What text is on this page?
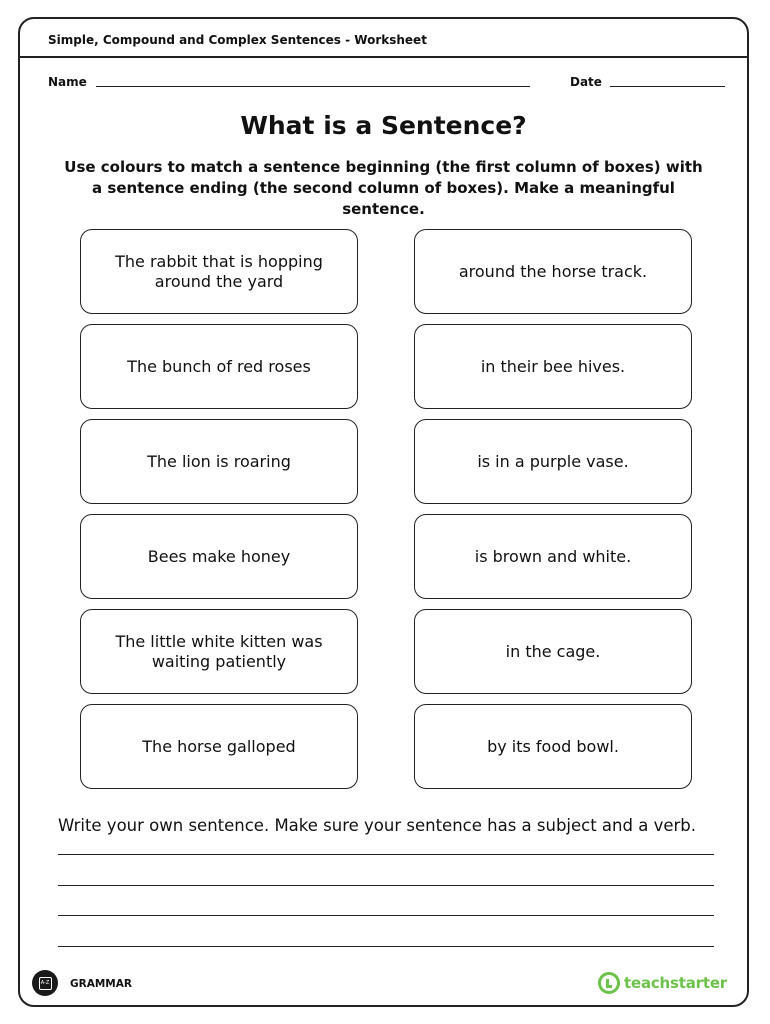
Simple, Compound and Complex Sentences - Worksheet
Name	Date
What is a Sentence?
Use colours to match a sentence beginning (the first column of boxes) with a sentence ending (the second column of boxes). Make a meaningful sentence.
The rabbit that is hopping around the yard
The bunch of red roses
The lion is roaring
Bees make honey
The little white kitten was waiting patiently
The horse galloped
around the horse track.
in their bee hives.
is in a purple vase.
is brown and white.
in the cage.
by its food bowl.
Write your own sentence. Make sure your sentence has a subject and a verb.
A-Z GRAMMAR	teachstarter
